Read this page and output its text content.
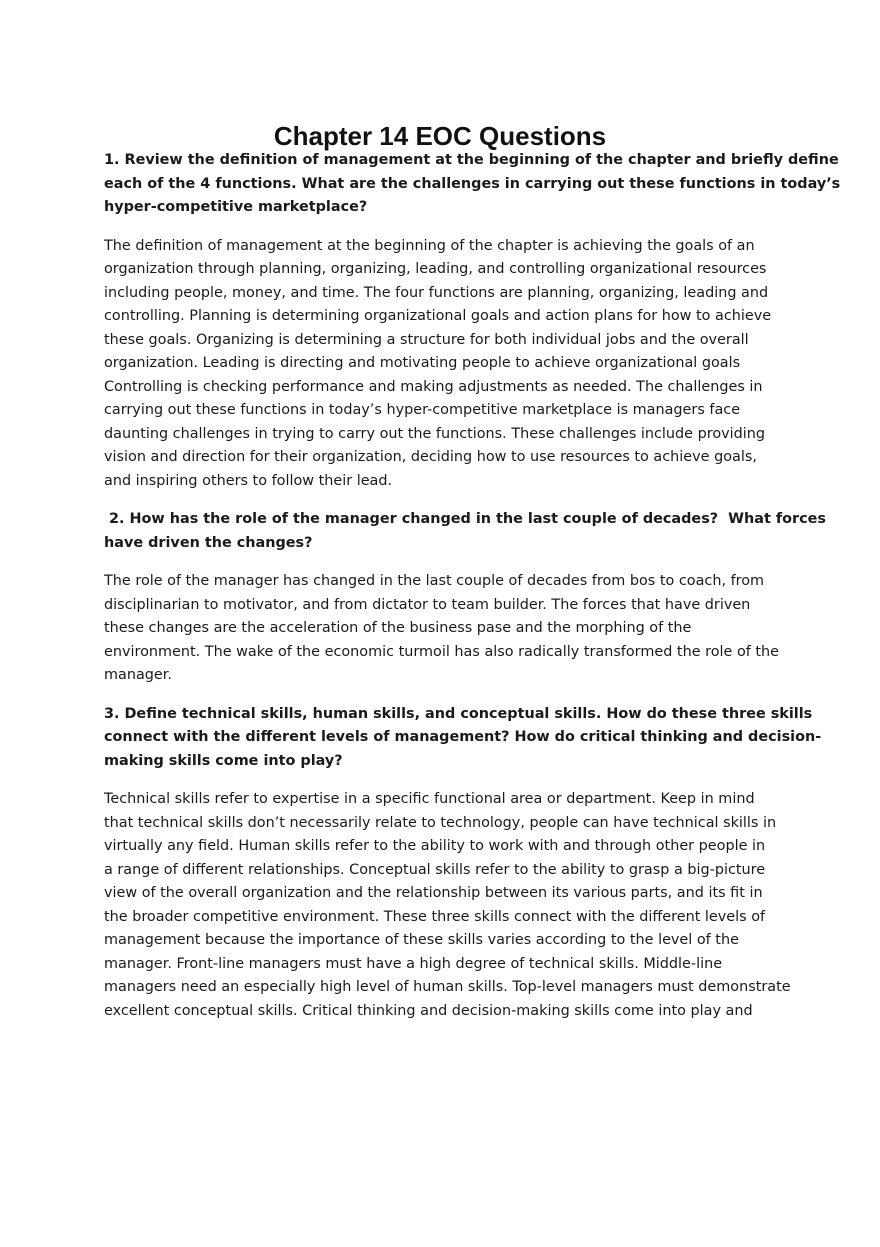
Chapter 14 EOC Questions

1. Review the definition of management at the beginning of the chapter and briefly define
each of the 4 functions. What are the challenges in carrying out these functions in today’s
hyper-competitive marketplace?

The definition of management at the beginning of the chapter is achieving the goals of an
organization through planning, organizing, leading, and controlling organizational resources
including people, money, and time. The four functions are planning, organizing, leading and
controlling. Planning is determining organizational goals and action plans for how to achieve
these goals. Organizing is determining a structure for both individual jobs and the overall
organization. Leading is directing and motivating people to achieve organizational goals
Controlling is checking performance and making adjustments as needed. The challenges in
carrying out these functions in today’s hyper-competitive marketplace is managers face
daunting challenges in trying to carry out the functions. These challenges include providing
vision and direction for their organization, deciding how to use resources to achieve goals,
and inspiring others to follow their lead.

2. How has the role of the manager changed in the last couple of decades?  What forces
have driven the changes?

The role of the manager has changed in the last couple of decades from bos to coach, from
disciplinarian to motivator, and from dictator to team builder. The forces that have driven
these changes are the acceleration of the business pase and the morphing of the
environment. The wake of the economic turmoil has also radically transformed the role of the
manager.

3. Define technical skills, human skills, and conceptual skills. How do these three skills
connect with the different levels of management? How do critical thinking and decision-
making skills come into play?

Technical skills refer to expertise in a specific functional area or department. Keep in mind
that technical skills don’t necessarily relate to technology, people can have technical skills in
virtually any field. Human skills refer to the ability to work with and through other people in
a range of different relationships. Conceptual skills refer to the ability to grasp a big-picture
view of the overall organization and the relationship between its various parts, and its fit in
the broader competitive environment. These three skills connect with the different levels of
management because the importance of these skills varies according to the level of the
manager. Front-line managers must have a high degree of technical skills. Middle-line
managers need an especially high level of human skills. Top-level managers must demonstrate
excellent conceptual skills. Critical thinking and decision-making skills come into play and
